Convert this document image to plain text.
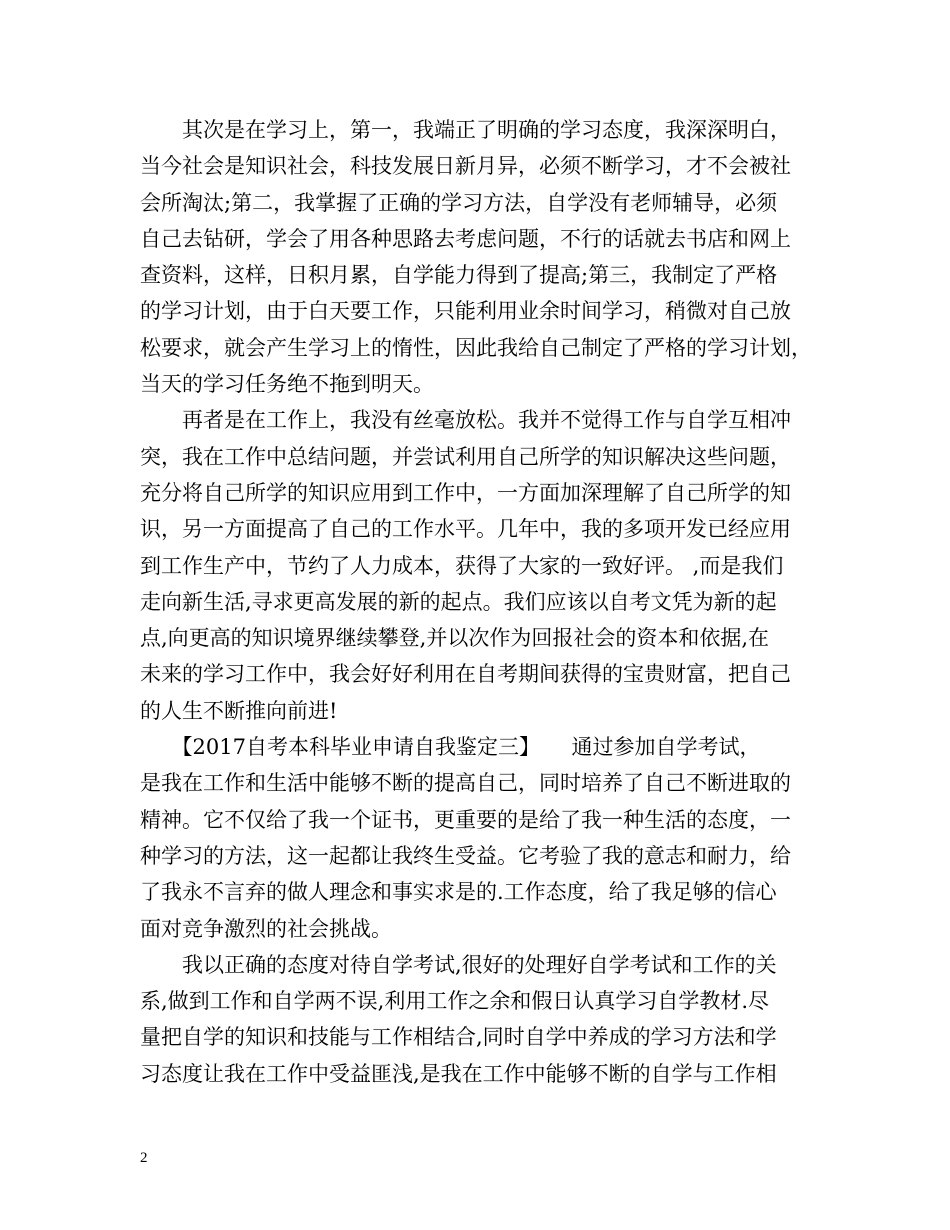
　　其次是在学习上，第一，我端正了明确的学习态度，我深深明白，
当今社会是知识社会，科技发展日新月异，必须不断学习，才不会被社
会所淘汰;第二，我掌握了正确的学习方法，自学没有老师辅导，必须
自己去钻研，学会了用各种思路去考虑问题，不行的话就去书店和网上
查资料，这样，日积月累，自学能力得到了提高;第三，我制定了严格
的学习计划，由于白天要工作，只能利用业余时间学习，稍微对自己放
松要求，就会产生学习上的惰性，因此我给自己制定了严格的学习计划，
当天的学习任务绝不拖到明天。
　　再者是在工作上，我没有丝毫放松。我并不觉得工作与自学互相冲
突，我在工作中总结问题，并尝试利用自己所学的知识解决这些问题，
充分将自己所学的知识应用到工作中，一方面加深理解了自己所学的知
识，另一方面提高了自己的工作水平。几年中，我的多项开发已经应用
到工作生产中，节约了人力成本，获得了大家的一致好评。 ,而是我们
走向新生活,寻求更高发展的新的起点。我们应该以自考文凭为新的起
点,向更高的知识境界继续攀登,并以次作为回报社会的资本和依据,在
未来的学习工作中，我会好好利用在自考期间获得的宝贵财富，把自己
的人生不断推向前进!
　　【2017自考本科毕业申请自我鉴定三】　　通过参加自学考试，
是我在工作和生活中能够不断的提高自己，同时培养了自己不断进取的
精神。它不仅给了我一个证书，更重要的是给了我一种生活的态度，一
种学习的方法，这一起都让我终生受益。它考验了我的意志和耐力，给
了我永不言弃的做人理念和事实求是的.工作态度，给了我足够的信心
面对竞争激烈的社会挑战。
　　我以正确的态度对待自学考试,很好的处理好自学考试和工作的关
系,做到工作和自学两不误,利用工作之余和假日认真学习自学教材.尽
量把自学的知识和技能与工作相结合,同时自学中养成的学习方法和学
习态度让我在工作中受益匪浅,是我在工作中能够不断的自学与工作相
2
